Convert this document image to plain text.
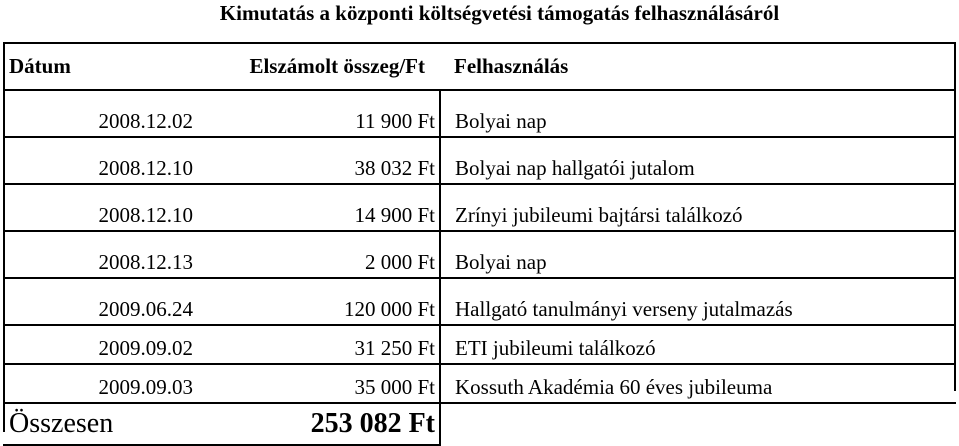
Kimutatás a központi költségvetési támogatás felhasználásáról
Dátum	Elszámolt összeg/Ft	Felhasználás
2008.12.02	11 900 Ft	Bolyai nap
2008.12.10	38 032 Ft	Bolyai nap hallgatói jutalom
2008.12.10	14 900 Ft	Zrínyi jubileumi bajtársi találkozó
2008.12.13	2 000 Ft	Bolyai nap
2009.06.24	120 000 Ft	Hallgató tanulmányi verseny jutalmazás
2009.09.02	31 250 Ft	ETI jubileumi találkozó
2009.09.03	35 000 Ft	Kossuth Akadémia 60 éves jubileuma
Összesen	253 082 Ft	
